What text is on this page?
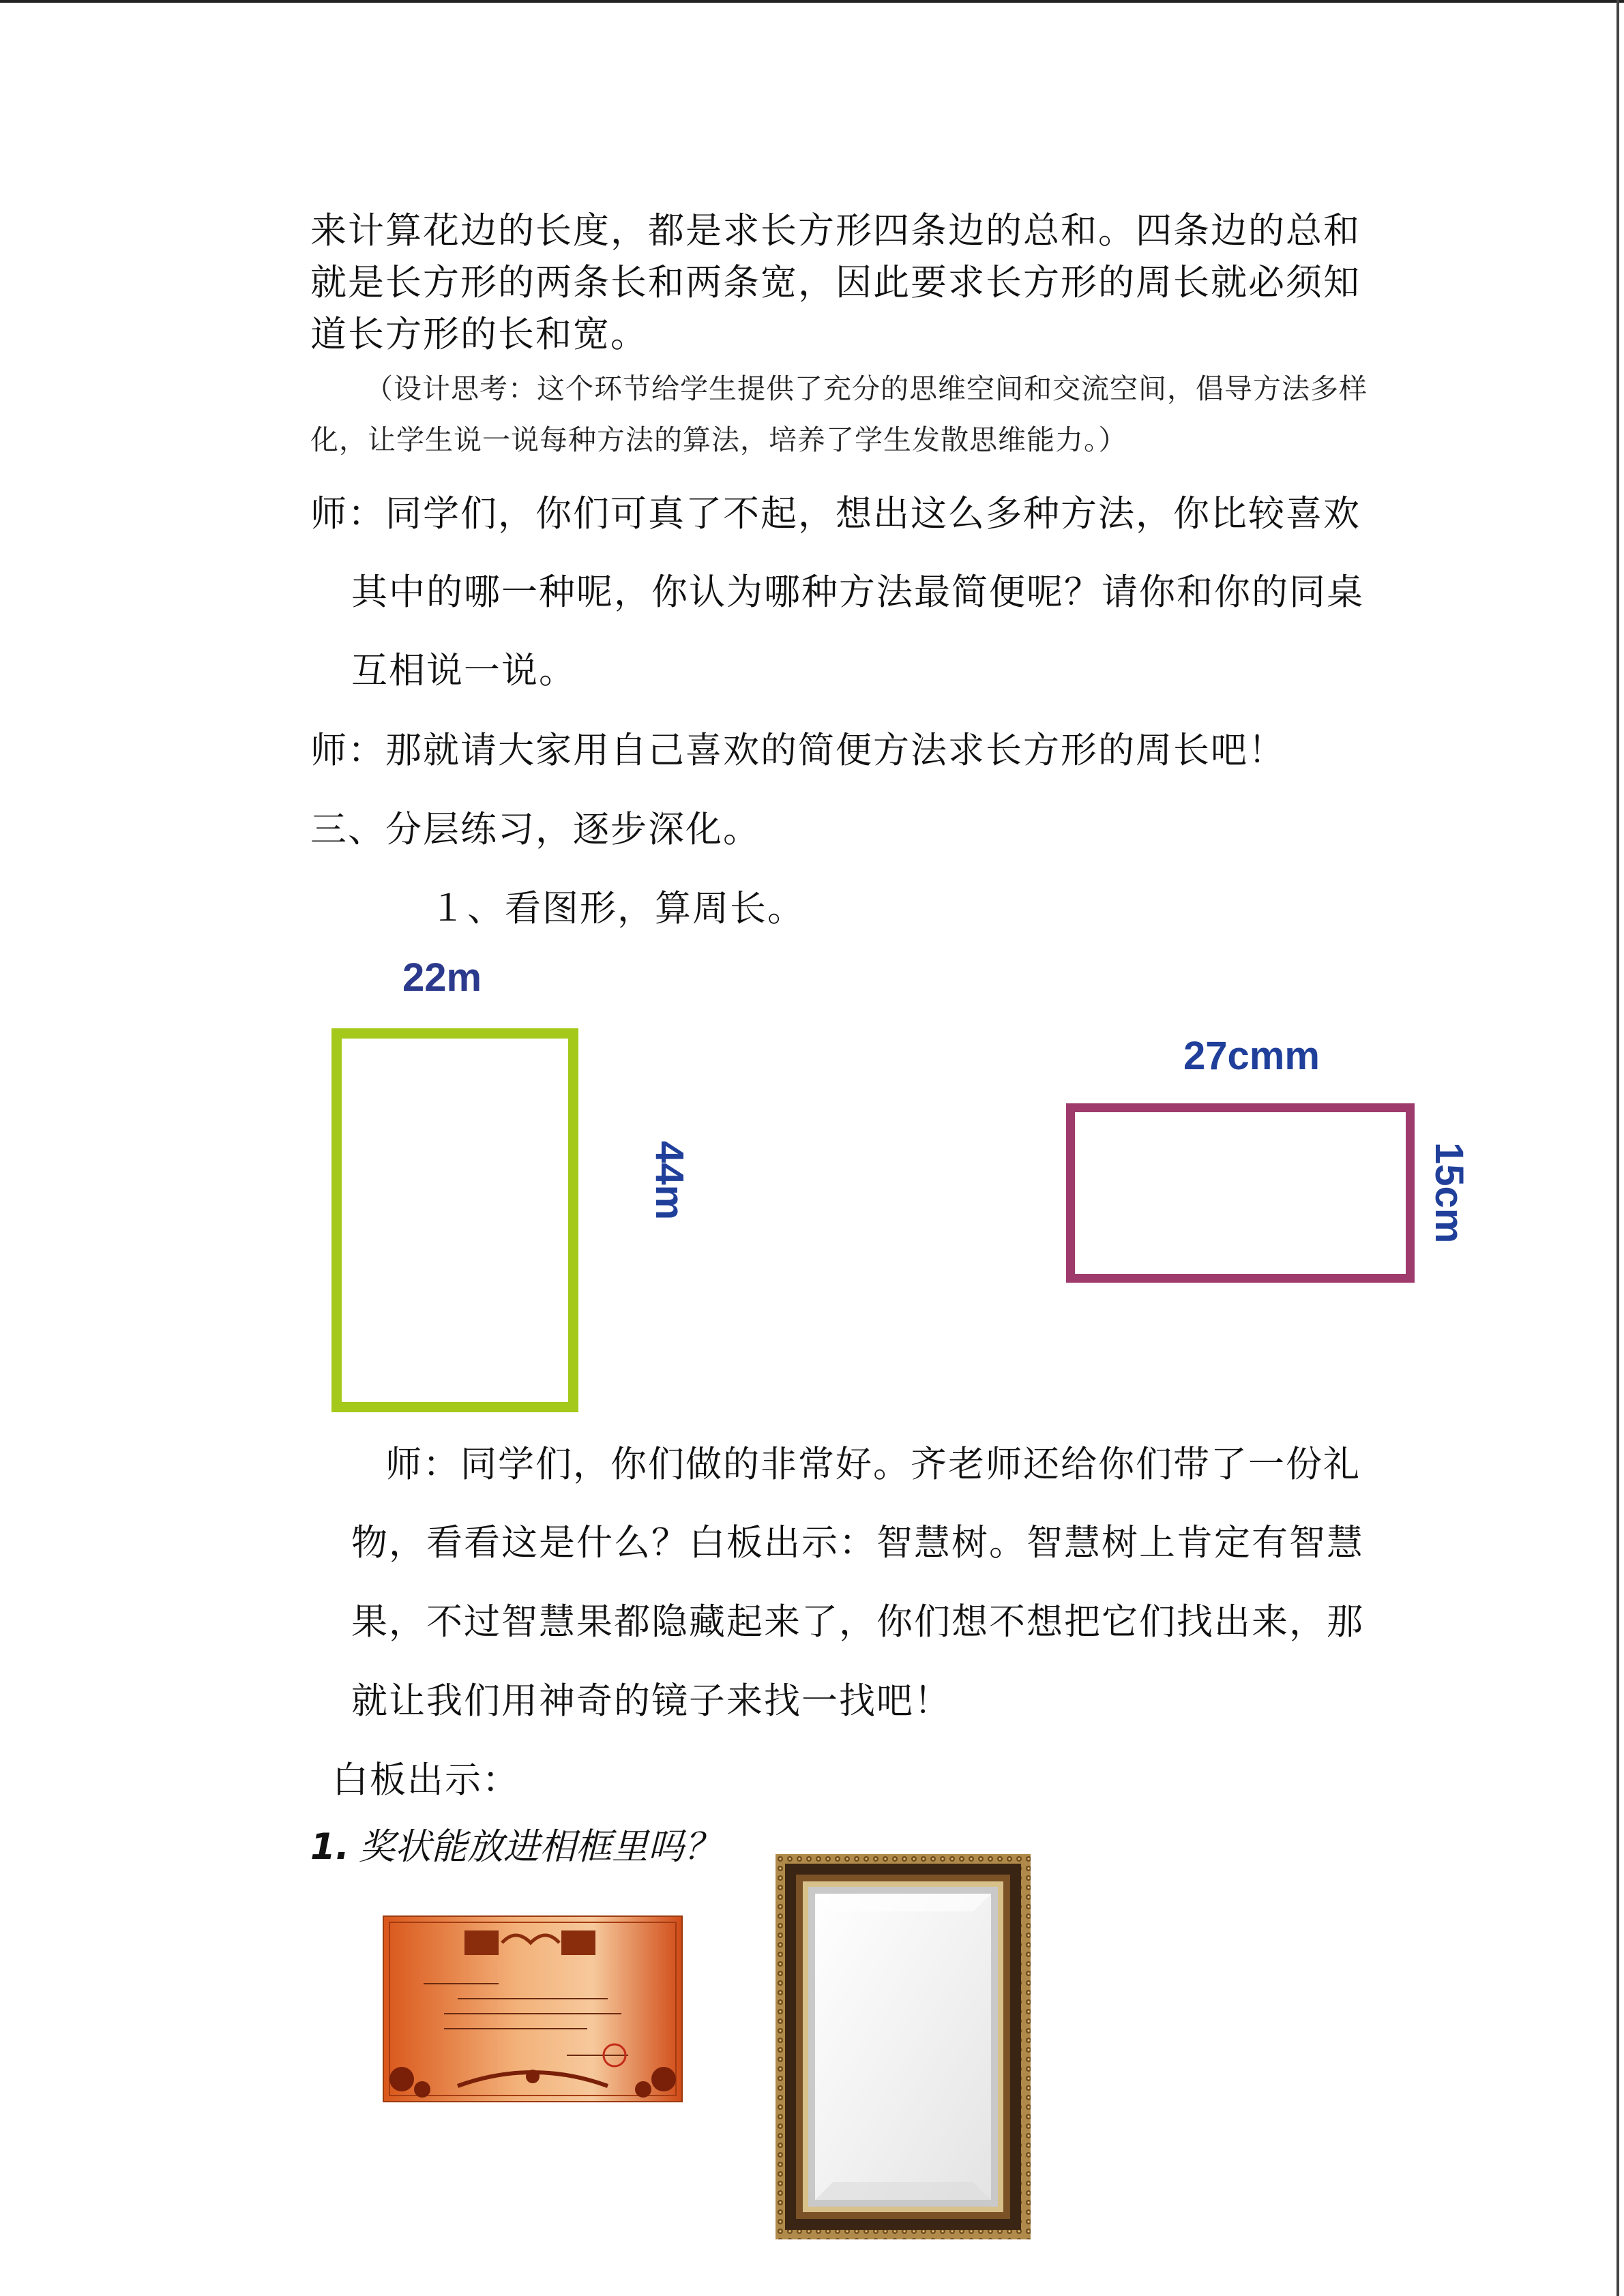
来计算花边的长度，都是求长方形四条边的总和。四条边的总和
就是长方形的两条长和两条宽，因此要求长方形的周长就必须知
道长方形的长和宽。
（设计思考：这个环节给学生提供了充分的思维空间和交流空间，倡导方法多样
化，让学生说一说每种方法的算法，培养了学生发散思维能力。）
师：同学们，你们可真了不起，想出这么多种方法，你比较喜欢
其中的哪一种呢，你认为哪种方法最简便呢？请你和你的同桌
互相说一说。
师：那就请大家用自己喜欢的简便方法求长方形的周长吧！
三、分层练习，逐步深化。
１、看图形，算周长。
22m
44m
27cmm
15cm
师：同学们，你们做的非常好。齐老师还给你们带了一份礼
物，看看这是什么？白板出示：智慧树。智慧树上肯定有智慧
果，不过智慧果都隐藏起来了，你们想不想把它们找出来，那
就让我们用神奇的镜子来找一找吧！
白板出示：
1. 奖状能放进相框里吗？
